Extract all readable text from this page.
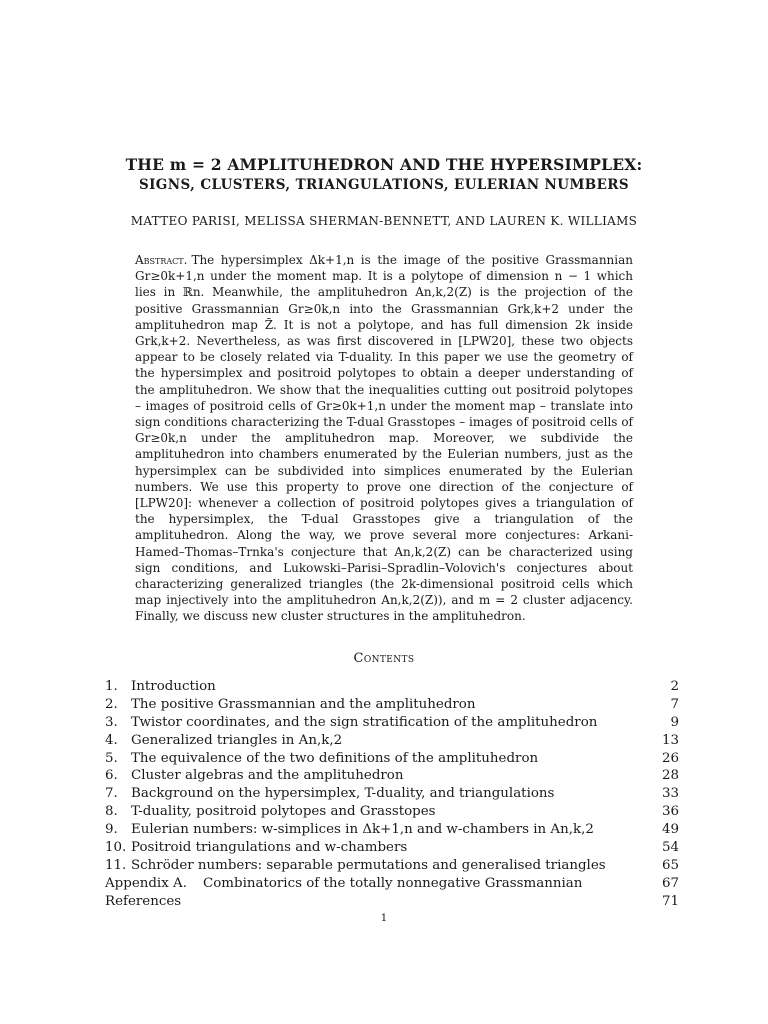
THE m = 2 AMPLITUHEDRON AND THE HYPERSIMPLEX:
SIGNS, CLUSTERS, TRIANGULATIONS, EULERIAN NUMBERS
MATTEO PARISI, MELISSA SHERMAN-BENNETT, AND LAUREN K. WILLIAMS
Abstract. The hypersimplex Δk+1,n is the image of the positive Grassmannian Gr≥0k+1,n under the moment map. It is a polytope of dimension n − 1 which lies in ℝn. Meanwhile, the amplituhedron An,k,2(Z) is the projection of the positive Grassmannian Gr≥0k,n into the Grassmannian Grk,k+2 under the amplituhedron map Z̃. It is not a polytope, and has full dimension 2k inside Grk,k+2. Nevertheless, as was first discovered in [LPW20], these two objects appear to be closely related via T-duality. In this paper we use the geometry of the hypersimplex and positroid polytopes to obtain a deeper understanding of the amplituhedron. We show that the inequalities cutting out positroid polytopes – images of positroid cells of Gr≥0k+1,n under the moment map – translate into sign conditions characterizing the T-dual Grasstopes – images of positroid cells of Gr≥0k,n under the amplituhedron map. Moreover, we subdivide the amplituhedron into chambers enumerated by the Eulerian numbers, just as the hypersimplex can be subdivided into simplices enumerated by the Eulerian numbers. We use this property to prove one direction of the conjecture of [LPW20]: whenever a collection of positroid polytopes gives a triangulation of the hypersimplex, the T-dual Grasstopes give a triangulation of the amplituhedron. Along the way, we prove several more conjectures: Arkani-Hamed–Thomas–Trnka's conjecture that An,k,2(Z) can be characterized using sign conditions, and Lukowski–Parisi–Spradlin–Volovich's conjectures about characterizing generalized triangles (the 2k-dimensional positroid cells which map injectively into the amplituhedron An,k,2(Z)), and m = 2 cluster adjacency. Finally, we discuss new cluster structures in the amplituhedron.
Contents
1. Introduction	2
2. The positive Grassmannian and the amplituhedron	7
3. Twistor coordinates, and the sign stratification of the amplituhedron	9
4. Generalized triangles in An,k,2	13
5. The equivalence of the two definitions of the amplituhedron	26
6. Cluster algebras and the amplituhedron	28
7. Background on the hypersimplex, T-duality, and triangulations	33
8. T-duality, positroid polytopes and Grasstopes	36
9. Eulerian numbers: w-simplices in Δk+1,n and w-chambers in An,k,2	49
10. Positroid triangulations and w-chambers	54
11. Schröder numbers: separable permutations and generalised triangles	65
Appendix A.	Combinatorics of the totally nonnegative Grassmannian	67
References	71
1
